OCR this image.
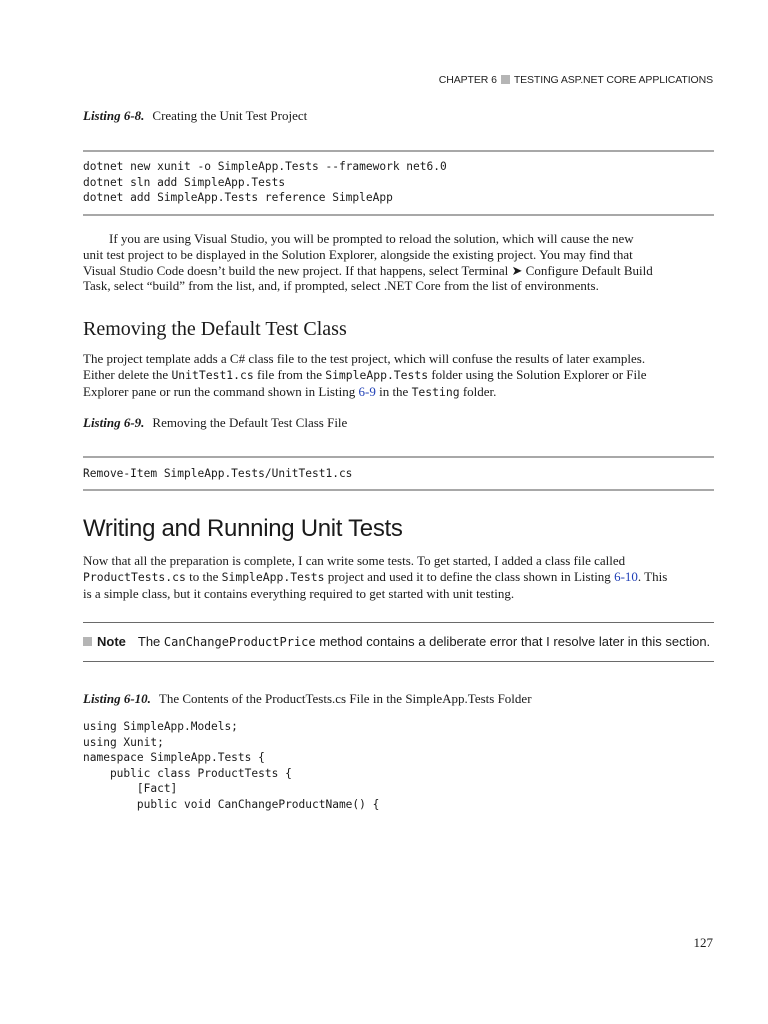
CHAPTER 6 TESTING ASP.NET CORE APPLICATIONS
Listing 6-8. Creating the Unit Test Project
dotnet new xunit -o SimpleApp.Tests --framework net6.0
dotnet sln add SimpleApp.Tests
dotnet add SimpleApp.Tests reference SimpleApp
If you are using Visual Studio, you will be prompted to reload the solution, which will cause the new
unit test project to be displayed in the Solution Explorer, alongside the existing project. You may find that
Visual Studio Code doesn’t build the new project. If that happens, select Terminal ➤ Configure Default Build
Task, select “build” from the list, and, if prompted, select .NET Core from the list of environments.
Removing the Default Test Class
The project template adds a C# class file to the test project, which will confuse the results of later examples.
Either delete the UnitTest1.cs file from the SimpleApp.Tests folder using the Solution Explorer or File
Explorer pane or run the command shown in Listing 6-9 in the Testing folder.
Listing 6-9. Removing the Default Test Class File
Remove-Item SimpleApp.Tests/UnitTest1.cs
Writing and Running Unit Tests
Now that all the preparation is complete, I can write some tests. To get started, I added a class file called
ProductTests.cs to the SimpleApp.Tests project and used it to define the class shown in Listing 6-10. This
is a simple class, but it contains everything required to get started with unit testing.
Note The CanChangeProductPrice method contains a deliberate error that I resolve later in this section.
Listing 6-10. The Contents of the ProductTests.cs File in the SimpleApp.Tests Folder
using SimpleApp.Models;
using Xunit;
namespace SimpleApp.Tests {
public class ProductTests {
[Fact]
public void CanChangeProductName() {
127
